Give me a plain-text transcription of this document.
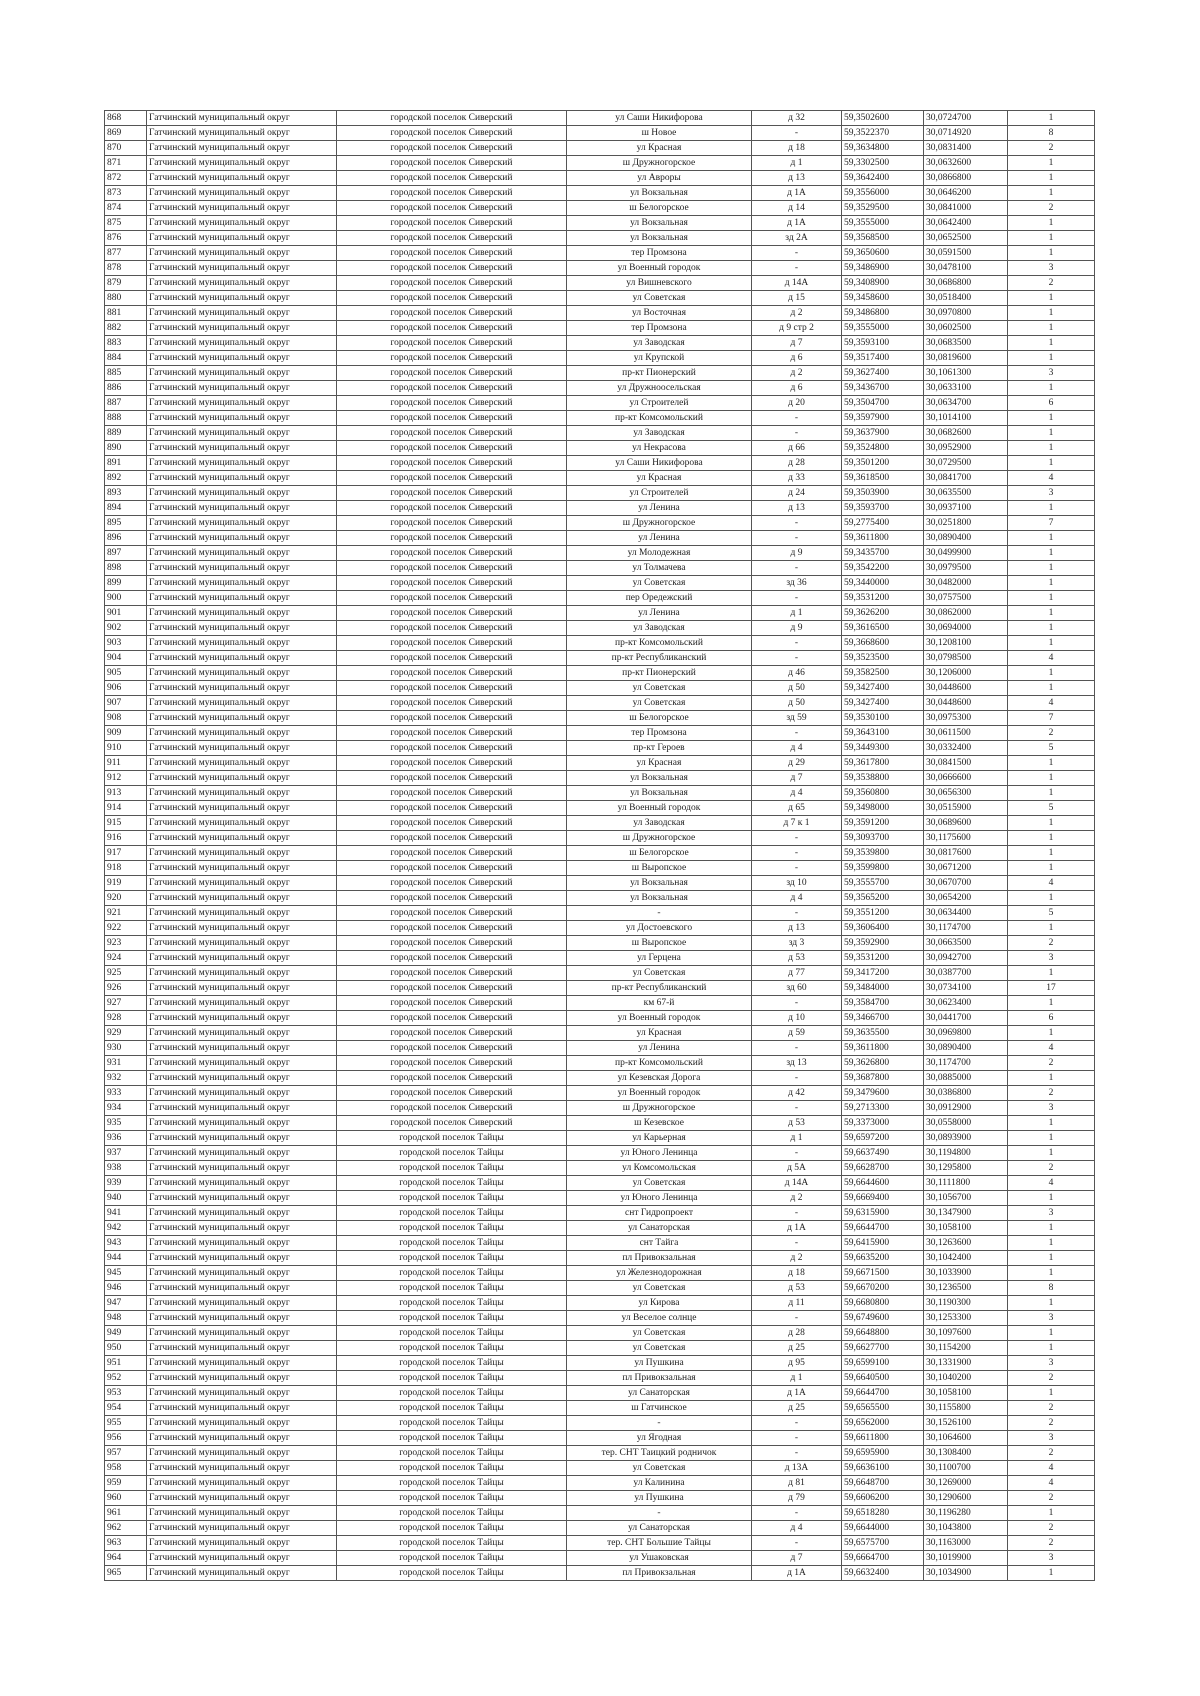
868	Гатчинский муниципальный округ	городской поселок Сиверский	ул Саши Никифорова	д 32	59,3502600	30,0724700	1
869	Гатчинский муниципальный округ	городской поселок Сиверский	ш Новое	-	59,3522370	30,0714920	8
870	Гатчинский муниципальный округ	городской поселок Сиверский	ул Красная	д 18	59,3634800	30,0831400	2
871	Гатчинский муниципальный округ	городской поселок Сиверский	ш Дружногорское	д 1	59,3302500	30,0632600	1
872	Гатчинский муниципальный округ	городской поселок Сиверский	ул Авроры	д 13	59,3642400	30,0866800	1
873	Гатчинский муниципальный округ	городской поселок Сиверский	ул Вокзальная	д 1А	59,3556000	30,0646200	1
874	Гатчинский муниципальный округ	городской поселок Сиверский	ш Белогорское	д 14	59,3529500	30,0841000	2
875	Гатчинский муниципальный округ	городской поселок Сиверский	ул Вокзальная	д 1А	59,3555000	30,0642400	1
876	Гатчинский муниципальный округ	городской поселок Сиверский	ул Вокзальная	зд 2А	59,3568500	30,0652500	1
877	Гатчинский муниципальный округ	городской поселок Сиверский	тер Промзона	-	59,3650600	30,0591500	1
878	Гатчинский муниципальный округ	городской поселок Сиверский	ул Военный городок	-	59,3486900	30,0478100	3
879	Гатчинский муниципальный округ	городской поселок Сиверский	ул Вишневского	д 14А	59,3408900	30,0686800	2
880	Гатчинский муниципальный округ	городской поселок Сиверский	ул Советская	д 15	59,3458600	30,0518400	1
881	Гатчинский муниципальный округ	городской поселок Сиверский	ул Восточная	д 2	59,3486800	30,0970800	1
882	Гатчинский муниципальный округ	городской поселок Сиверский	тер Промзона	д 9 стр 2	59,3555000	30,0602500	1
883	Гатчинский муниципальный округ	городской поселок Сиверский	ул Заводская	д 7	59,3593100	30,0683500	1
884	Гатчинский муниципальный округ	городской поселок Сиверский	ул Крупской	д 6	59,3517400	30,0819600	1
885	Гатчинский муниципальный округ	городской поселок Сиверский	пр-кт Пионерский	д 2	59,3627400	30,1061300	3
886	Гатчинский муниципальный округ	городской поселок Сиверский	ул Дружноосельская	д 6	59,3436700	30,0633100	1
887	Гатчинский муниципальный округ	городской поселок Сиверский	ул Строителей	д 20	59,3504700	30,0634700	6
888	Гатчинский муниципальный округ	городской поселок Сиверский	пр-кт Комсомольский	-	59,3597900	30,1014100	1
889	Гатчинский муниципальный округ	городской поселок Сиверский	ул Заводская	-	59,3637900	30,0682600	1
890	Гатчинский муниципальный округ	городской поселок Сиверский	ул Некрасова	д 66	59,3524800	30,0952900	1
891	Гатчинский муниципальный округ	городской поселок Сиверский	ул Саши Никифорова	д 28	59,3501200	30,0729500	1
892	Гатчинский муниципальный округ	городской поселок Сиверский	ул Красная	д 33	59,3618500	30,0841700	4
893	Гатчинский муниципальный округ	городской поселок Сиверский	ул Строителей	д 24	59,3503900	30,0635500	3
894	Гатчинский муниципальный округ	городской поселок Сиверский	ул Ленина	д 13	59,3593700	30,0937100	1
895	Гатчинский муниципальный округ	городской поселок Сиверский	ш Дружногорское	-	59,2775400	30,0251800	7
896	Гатчинский муниципальный округ	городской поселок Сиверский	ул Ленина	-	59,3611800	30,0890400	1
897	Гатчинский муниципальный округ	городской поселок Сиверский	ул Молодежная	д 9	59,3435700	30,0499900	1
898	Гатчинский муниципальный округ	городской поселок Сиверский	ул Толмачева	-	59,3542200	30,0979500	1
899	Гатчинский муниципальный округ	городской поселок Сиверский	ул Советская	зд 36	59,3440000	30,0482000	1
900	Гатчинский муниципальный округ	городской поселок Сиверский	пер Оредежский	-	59,3531200	30,0757500	1
901	Гатчинский муниципальный округ	городской поселок Сиверский	ул Ленина	д 1	59,3626200	30,0862000	1
902	Гатчинский муниципальный округ	городской поселок Сиверский	ул Заводская	д 9	59,3616500	30,0694000	1
903	Гатчинский муниципальный округ	городской поселок Сиверский	пр-кт Комсомольский	-	59,3668600	30,1208100	1
904	Гатчинский муниципальный округ	городской поселок Сиверский	пр-кт Республиканский	-	59,3523500	30,0798500	4
905	Гатчинский муниципальный округ	городской поселок Сиверский	пр-кт Пионерский	д 46	59,3582500	30,1206000	1
906	Гатчинский муниципальный округ	городской поселок Сиверский	ул Советская	д 50	59,3427400	30,0448600	1
907	Гатчинский муниципальный округ	городской поселок Сиверский	ул Советская	д 50	59,3427400	30,0448600	4
908	Гатчинский муниципальный округ	городской поселок Сиверский	ш Белогорское	зд 59	59,3530100	30,0975300	7
909	Гатчинский муниципальный округ	городской поселок Сиверский	тер Промзона	-	59,3643100	30,0611500	2
910	Гатчинский муниципальный округ	городской поселок Сиверский	пр-кт Героев	д 4	59,3449300	30,0332400	5
911	Гатчинский муниципальный округ	городской поселок Сиверский	ул Красная	д 29	59,3617800	30,0841500	1
912	Гатчинский муниципальный округ	городской поселок Сиверский	ул Вокзальная	д 7	59,3538800	30,0666600	1
913	Гатчинский муниципальный округ	городской поселок Сиверский	ул Вокзальная	д 4	59,3560800	30,0656300	1
914	Гатчинский муниципальный округ	городской поселок Сиверский	ул Военный городок	д 65	59,3498000	30,0515900	5
915	Гатчинский муниципальный округ	городской поселок Сиверский	ул Заводская	д 7 к 1	59,3591200	30,0689600	1
916	Гатчинский муниципальный округ	городской поселок Сиверский	ш Дружногорское	-	59,3093700	30,1175600	1
917	Гатчинский муниципальный округ	городской поселок Сиверский	ш Белогорское	-	59,3539800	30,0817600	1
918	Гатчинский муниципальный округ	городской поселок Сиверский	ш Выропское	-	59,3599800	30,0671200	1
919	Гатчинский муниципальный округ	городской поселок Сиверский	ул Вокзальная	зд 10	59,3555700	30,0670700	4
920	Гатчинский муниципальный округ	городской поселок Сиверский	ул Вокзальная	д 4	59,3565200	30,0654200	1
921	Гатчинский муниципальный округ	городской поселок Сиверский	-	-	59,3551200	30,0634400	5
922	Гатчинский муниципальный округ	городской поселок Сиверский	ул Достоевского	д 13	59,3606400	30,1174700	1
923	Гатчинский муниципальный округ	городской поселок Сиверский	ш Выропское	зд 3	59,3592900	30,0663500	2
924	Гатчинский муниципальный округ	городской поселок Сиверский	ул Герцена	д 53	59,3531200	30,0942700	3
925	Гатчинский муниципальный округ	городской поселок Сиверский	ул Советская	д 77	59,3417200	30,0387700	1
926	Гатчинский муниципальный округ	городской поселок Сиверский	пр-кт Республиканский	зд 60	59,3484000	30,0734100	17
927	Гатчинский муниципальный округ	городской поселок Сиверский	км 67-й	-	59,3584700	30,0623400	1
928	Гатчинский муниципальный округ	городской поселок Сиверский	ул Военный городок	д 10	59,3466700	30,0441700	6
929	Гатчинский муниципальный округ	городской поселок Сиверский	ул Красная	д 59	59,3635500	30,0969800	1
930	Гатчинский муниципальный округ	городской поселок Сиверский	ул Ленина	-	59,3611800	30,0890400	4
931	Гатчинский муниципальный округ	городской поселок Сиверский	пр-кт Комсомольский	зд 13	59,3626800	30,1174700	2
932	Гатчинский муниципальный округ	городской поселок Сиверский	ул Кезевская Дорога	-	59,3687800	30,0885000	1
933	Гатчинский муниципальный округ	городской поселок Сиверский	ул Военный городок	д 42	59,3479600	30,0386800	2
934	Гатчинский муниципальный округ	городской поселок Сиверский	ш Дружногорское	-	59,2713300	30,0912900	3
935	Гатчинский муниципальный округ	городской поселок Сиверский	ш Кезевское	д 53	59,3373000	30,0558000	1
936	Гатчинский муниципальный округ	городской поселок Тайцы	ул Карьерная	д 1	59,6597200	30,0893900	1
937	Гатчинский муниципальный округ	городской поселок Тайцы	ул Юного Ленинца	-	59,6637490	30,1194800	1
938	Гатчинский муниципальный округ	городской поселок Тайцы	ул Комсомольская	д 5А	59,6628700	30,1295800	2
939	Гатчинский муниципальный округ	городской поселок Тайцы	ул Советская	д 14А	59,6644600	30,1111800	4
940	Гатчинский муниципальный округ	городской поселок Тайцы	ул Юного Ленинца	д 2	59,6669400	30,1056700	1
941	Гатчинский муниципальный округ	городской поселок Тайцы	снт Гидропроект	-	59,6315900	30,1347900	3
942	Гатчинский муниципальный округ	городской поселок Тайцы	ул Санаторская	д 1А	59,6644700	30,1058100	1
943	Гатчинский муниципальный округ	городской поселок Тайцы	снт Тайга	-	59,6415900	30,1263600	1
944	Гатчинский муниципальный округ	городской поселок Тайцы	пл Привокзальная	д 2	59,6635200	30,1042400	1
945	Гатчинский муниципальный округ	городской поселок Тайцы	ул Железнодорожная	д 18	59,6671500	30,1033900	1
946	Гатчинский муниципальный округ	городской поселок Тайцы	ул Советская	д 53	59,6670200	30,1236500	8
947	Гатчинский муниципальный округ	городской поселок Тайцы	ул Кирова	д 11	59,6680800	30,1190300	1
948	Гатчинский муниципальный округ	городской поселок Тайцы	ул Веселое солнце	-	59,6749600	30,1253300	3
949	Гатчинский муниципальный округ	городской поселок Тайцы	ул Советская	д 28	59,6648800	30,1097600	1
950	Гатчинский муниципальный округ	городской поселок Тайцы	ул Советская	д 25	59,6627700	30,1154200	1
951	Гатчинский муниципальный округ	городской поселок Тайцы	ул Пушкина	д 95	59,6599100	30,1331900	3
952	Гатчинский муниципальный округ	городской поселок Тайцы	пл Привокзальная	д 1	59,6640500	30,1040200	2
953	Гатчинский муниципальный округ	городской поселок Тайцы	ул Санаторская	д 1А	59,6644700	30,1058100	1
954	Гатчинский муниципальный округ	городской поселок Тайцы	ш Гатчинское	д 25	59,6565500	30,1155800	2
955	Гатчинский муниципальный округ	городской поселок Тайцы	-	-	59,6562000	30,1526100	2
956	Гатчинский муниципальный округ	городской поселок Тайцы	ул Ягодная	-	59,6611800	30,1064600	3
957	Гатчинский муниципальный округ	городской поселок Тайцы	тер. СНТ Таицкий родничок	-	59,6595900	30,1308400	2
958	Гатчинский муниципальный округ	городской поселок Тайцы	ул Советская	д 13А	59,6636100	30,1100700	4
959	Гатчинский муниципальный округ	городской поселок Тайцы	ул Калинина	д 81	59,6648700	30,1269000	4
960	Гатчинский муниципальный округ	городской поселок Тайцы	ул Пушкина	д 79	59,6606200	30,1290600	2
961	Гатчинский муниципальный округ	городской поселок Тайцы	-	-	59,6518280	30,1196280	1
962	Гатчинский муниципальный округ	городской поселок Тайцы	ул Санаторская	д 4	59,6644000	30,1043800	2
963	Гатчинский муниципальный округ	городской поселок Тайцы	тер. СНТ Большие Тайцы	-	59,6575700	30,1163000	2
964	Гатчинский муниципальный округ	городской поселок Тайцы	ул Ушаковская	д 7	59,6664700	30,1019900	3
965	Гатчинский муниципальный округ	городской поселок Тайцы	пл Привокзальная	д 1А	59,6632400	30,1034900	1
